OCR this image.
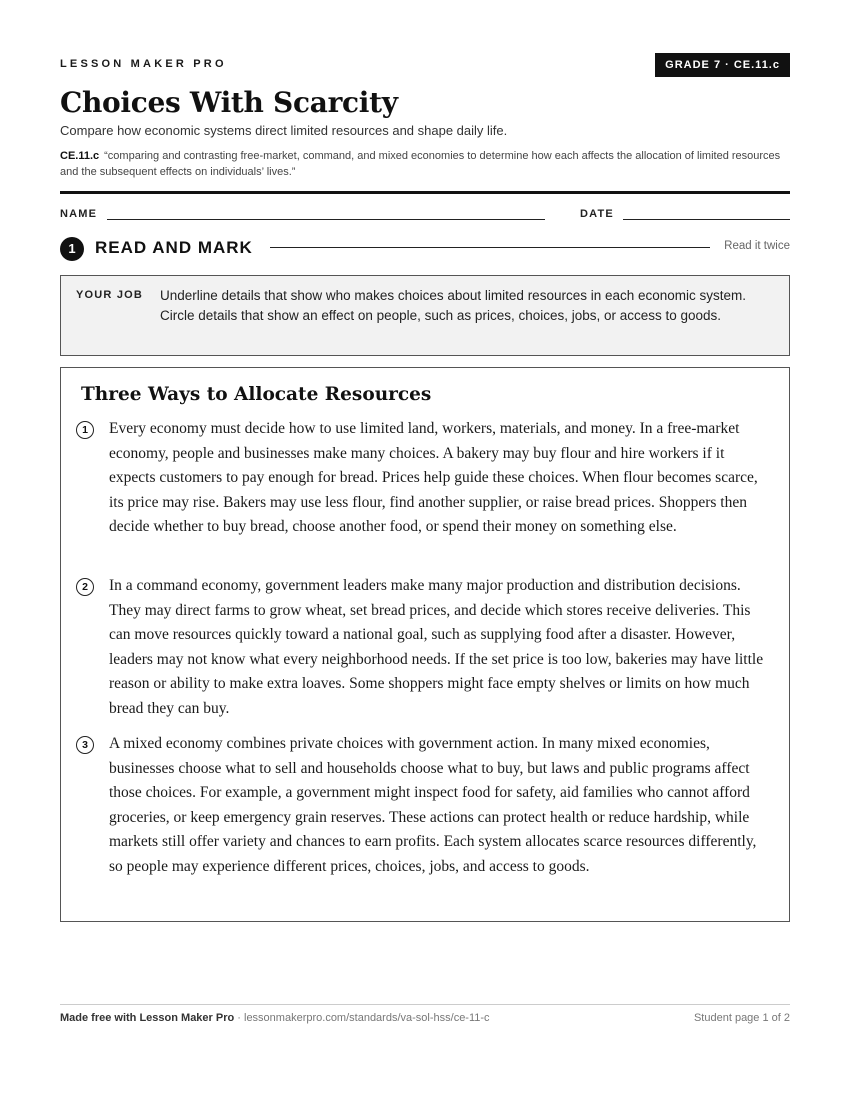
LESSON MAKER PRO	GRADE 7 · CE.11.c
Choices With Scarcity
Compare how economic systems direct limited resources and shape daily life.
CE.11.c “comparing and contrasting free-market, command, and mixed economies to determine how each affects the allocation of limited resources and the subsequent effects on individuals’ lives.”
NAME	DATE
1	READ AND MARK	Read it twice
YOUR JOB Underline details that show who makes choices about limited resources in each economic system. Circle details that show an effect on people, such as prices, choices, jobs, or access to goods.
Three Ways to Allocate Resources
1	Every economy must decide how to use limited land, workers, materials, and money. In a free-market economy, people and businesses make many choices. A bakery may buy flour and hire workers if it expects customers to pay enough for bread. Prices help guide these choices. When flour becomes scarce, its price may rise. Bakers may use less flour, find another supplier, or raise bread prices. Shoppers then decide whether to buy bread, choose another food, or spend their money on something else.
2	In a command economy, government leaders make many major production and distribution decisions. They may direct farms to grow wheat, set bread prices, and decide which stores receive deliveries. This can move resources quickly toward a national goal, such as supplying food after a disaster. However, leaders may not know what every neighborhood needs. If the set price is too low, bakeries may have little reason or ability to make extra loaves. Some shoppers might face empty shelves or limits on how much bread they can buy.
3	A mixed economy combines private choices with government action. In many mixed economies, businesses choose what to sell and households choose what to buy, but laws and public programs affect those choices. For example, a government might inspect food for safety, aid families who cannot afford groceries, or keep emergency grain reserves. These actions can protect health or reduce hardship, while markets still offer variety and chances to earn profits. Each system allocates scarce resources differently, so people may experience different prices, choices, jobs, and access to goods.
Made free with Lesson Maker Pro · lessonmakerpro.com/standards/va-sol-hss/ce-11-c	Student page 1 of 2
